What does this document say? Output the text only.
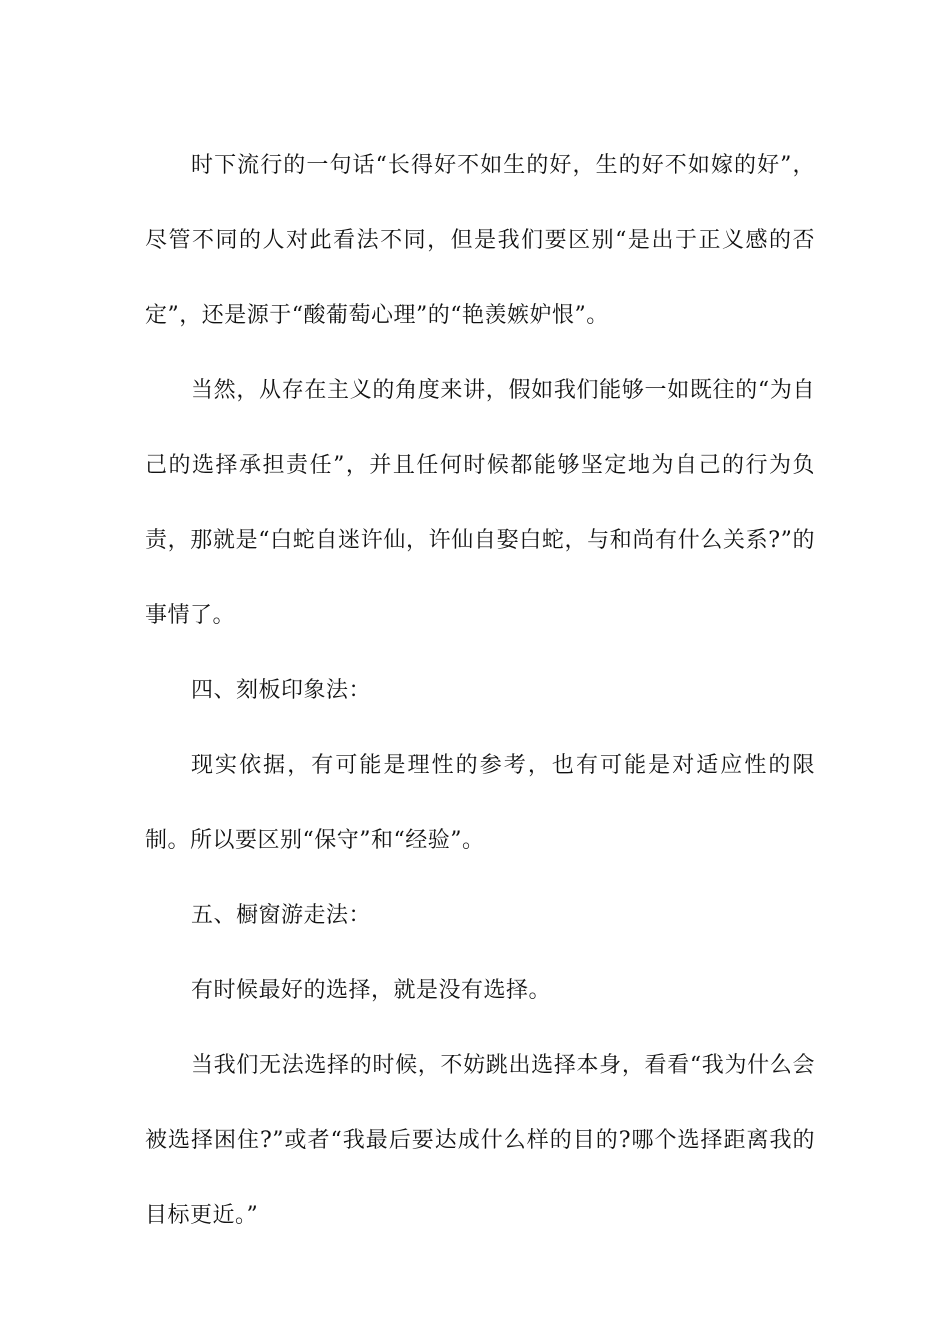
时下流行的一句话“长得好不如生的好，生的好不如嫁的好”，尽管不同的人对此看法不同，但是我们要区别“是出于正义感的否定”，还是源于“酸葡萄心理”的“艳羡嫉妒恨”。

当然，从存在主义的角度来讲，假如我们能够一如既往的“为自己的选择承担责任”，并且任何时候都能够坚定地为自己的行为负责，那就是“白蛇自迷许仙，许仙自娶白蛇，与和尚有什么关系?”的事情了。

四、刻板印象法：

现实依据，有可能是理性的参考，也有可能是对适应性的限制。所以要区别“保守”和“经验”。

五、橱窗游走法：

有时候最好的选择，就是没有选择。

当我们无法选择的时候，不妨跳出选择本身，看看“我为什么会被选择困住?”或者“我最后要达成什么样的目的?哪个选择距离我的目标更近。”
